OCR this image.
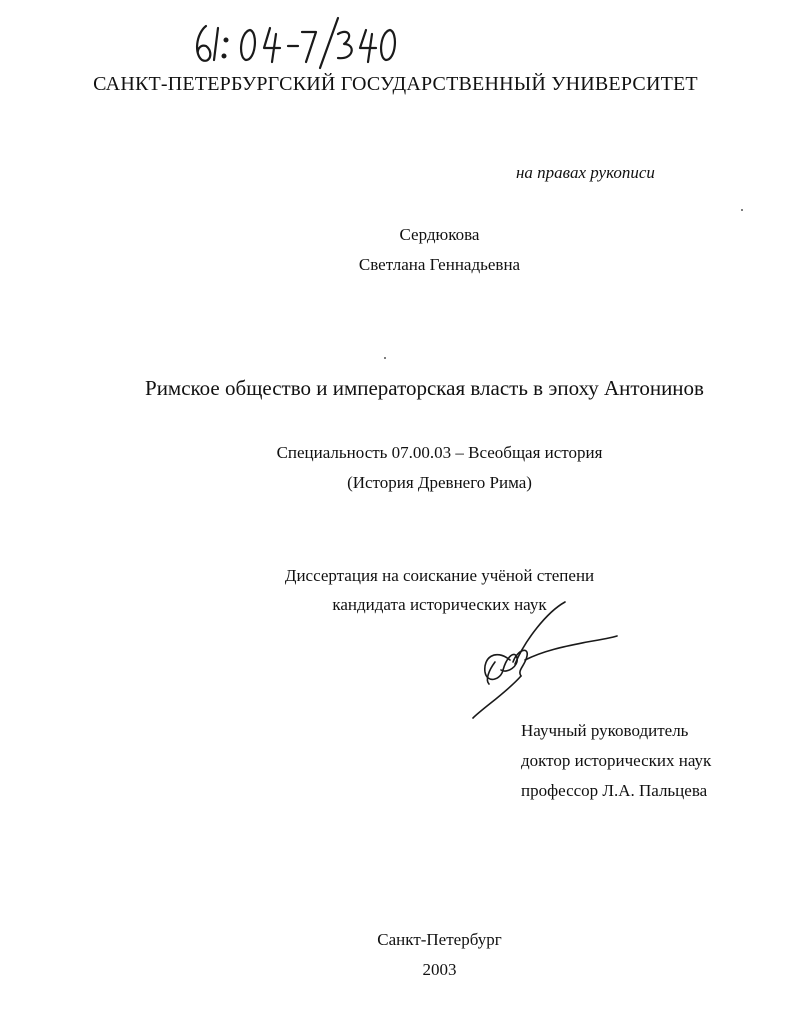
САНКТ-ПЕТЕРБУРГСКИЙ ГОСУДАРСТВЕННЫЙ УНИВЕРСИТЕТ
на правах рукописи
Сердюкова
Светлана Геннадьевна
Римское общество и императорская власть в эпоху Антонинов
Специальность 07.00.03 – Всеобщая история
(История Древнего Рима)
Диссертация на соискание учёной степени
кандидата исторических наук
Научный руководитель
доктор исторических наук
профессор Л.А. Пальцева
Санкт-Петербург
2003
